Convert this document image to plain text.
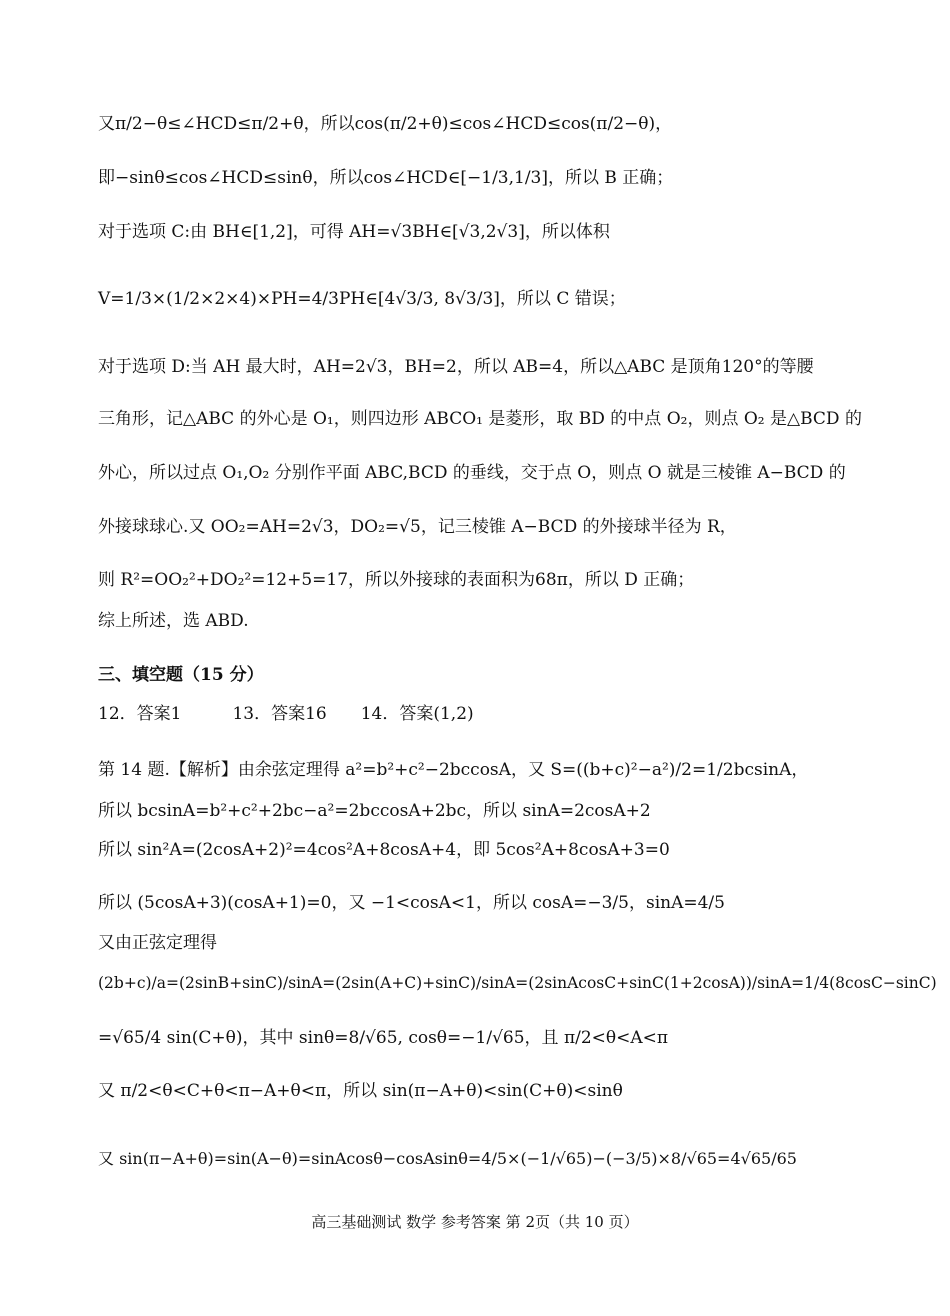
又π/2−θ≤∠HCD≤π/2+θ，所以cos(π/2+θ)≤cos∠HCD≤cos(π/2−θ)，
即−sinθ≤cos∠HCD≤sinθ，所以cos∠HCD∈[−1/3,1/3]，所以 B 正确；
对于选项 C:由 BH∈[1,2]，可得 AH=√3BH∈[√3,2√3]，所以体积
V=1/3×(1/2×2×4)×PH=4/3PH∈[4√3/3, 8√3/3]，所以 C 错误；
对于选项 D:当 AH 最大时，AH=2√3，BH=2，所以 AB=4，所以△ABC 是顶角120°的等腰
三角形，记△ABC 的外心是 O₁，则四边形 ABCO₁ 是菱形，取 BD 的中点 O₂，则点 O₂ 是△BCD 的
外心，所以过点 O₁,O₂ 分别作平面 ABC,BCD 的垂线，交于点 O，则点 O 就是三棱锥 A−BCD 的
外接球球心.又 OO₂=AH=2√3，DO₂=√5，记三棱锥 A−BCD 的外接球半径为 R，
则 R²=OO₂²+DO₂²=12+5=17，所以外接球的表面积为68π，所以 D 正确；
综上所述，选 ABD.
三、填空题（15 分）
12．答案1　　　13．答案16　　14．答案(1,2)
第 14 题.【解析】由余弦定理得 a²=b²+c²−2bccosA，又 S=((b+c)²−a²)/2=1/2bcsinA，
所以 bcsinA=b²+c²+2bc−a²=2bccosA+2bc，所以 sinA=2cosA+2
所以 sin²A=(2cosA+2)²=4cos²A+8cosA+4，即 5cos²A+8cosA+3=0
所以 (5cosA+3)(cosA+1)=0，又 −1<cosA<1，所以 cosA=−3/5，sinA=4/5
又由正弦定理得
(2b+c)/a=(2sinB+sinC)/sinA=(2sin(A+C)+sinC)/sinA=(2sinAcosC+sinC(1+2cosA))/sinA=1/4(8cosC−sinC)
=√65/4 sin(C+θ)，其中 sinθ=8/√65, cosθ=−1/√65，且 π/2<θ<A<π
又 π/2<θ<C+θ<π−A+θ<π，所以 sin(π−A+θ)<sin(C+θ)<sinθ
又 sin(π−A+θ)=sin(A−θ)=sinAcosθ−cosAsinθ=4/5×(−1/√65)−(−3/5)×8/√65=4√65/65
高三基础测试 数学 参考答案 第 2页（共 10 页）
